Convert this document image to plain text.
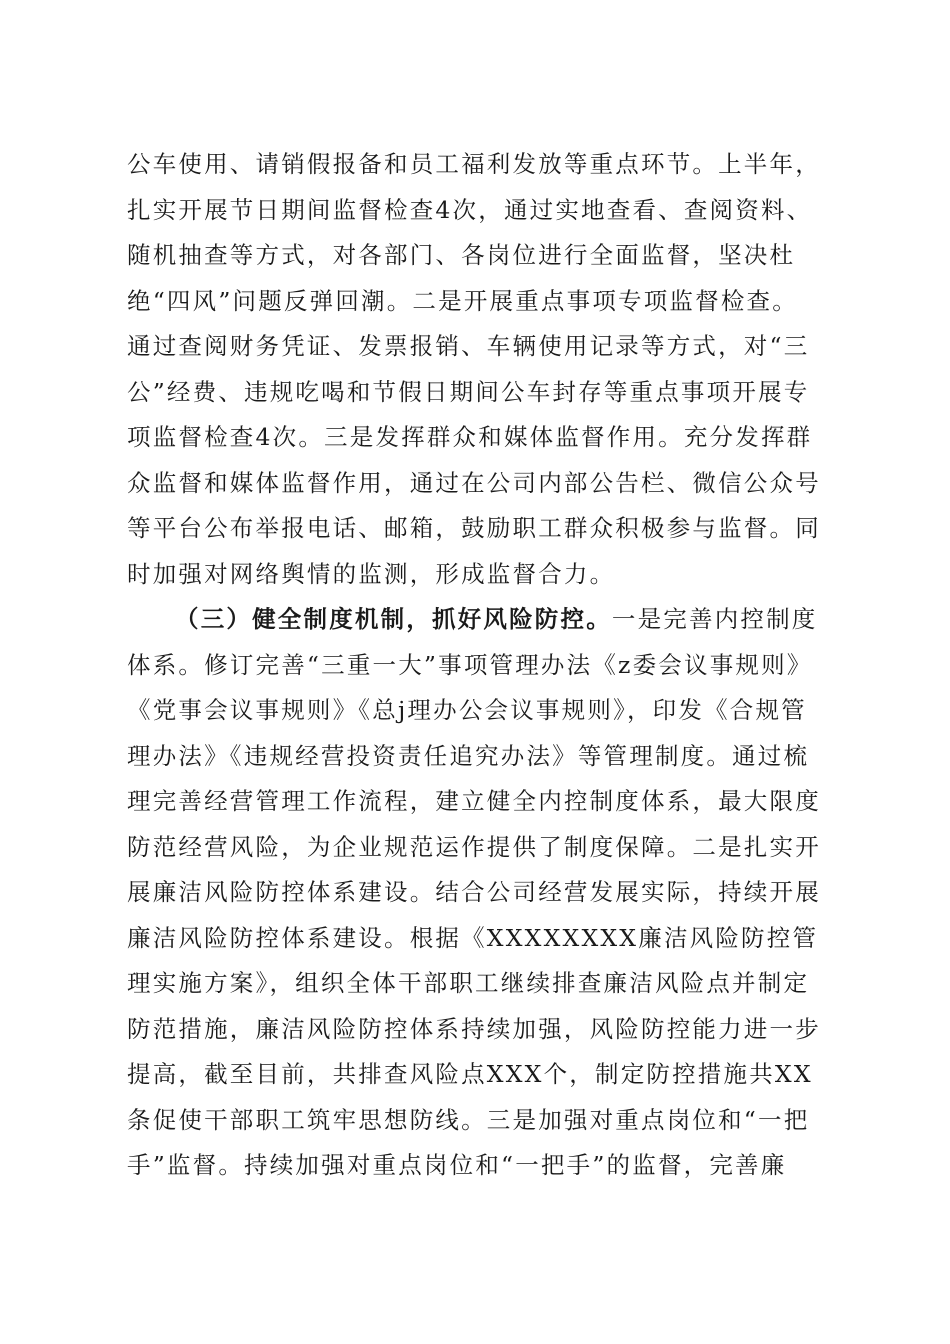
公车使用、请销假报备和员工福利发放等重点环节。上半年，
扎实开展节日期间监督检查4次，通过实地查看、查阅资料、
随机抽查等方式，对各部门、各岗位进行全面监督，坚决杜
绝“四风”问题反弹回潮。二是开展重点事项专项监督检查。
通过查阅财务凭证、发票报销、车辆使用记录等方式，对“三
公”经费、违规吃喝和节假日期间公车封存等重点事项开展专
项监督检查4次。三是发挥群众和媒体监督作用。充分发挥群
众监督和媒体监督作用，通过在公司内部公告栏、微信公众号
等平台公布举报电话、邮箱，鼓励职工群众积极参与监督。同
时加强对网络舆情的监测，形成监督合力。
（三）健全制度机制，抓好风险防控。一是完善内控制度
体系。修订完善“三重一大”事项管理办法《z委会议事规则》
《党事会议事规则》《总j理办公会议事规则》，印发《合规管
理办法》《违规经营投资责任追究办法》等管理制度。通过梳
理完善经营管理工作流程，建立健全内控制度体系，最大限度
防范经营风险，为企业规范运作提供了制度保障。二是扎实开
展廉洁风险防控体系建设。结合公司经营发展实际，持续开展
廉洁风险防控体系建设。根据《XXXXXXXX廉洁风险防控管
理实施方案》，组织全体干部职工继续排查廉洁风险点并制定
防范措施，廉洁风险防控体系持续加强，风险防控能力进一步
提高，截至目前，共排查风险点XXX个，制定防控措施共XX
条促使干部职工筑牢思想防线。三是加强对重点岗位和“一把
手”监督。持续加强对重点岗位和“一把手”的监督，完善廉
